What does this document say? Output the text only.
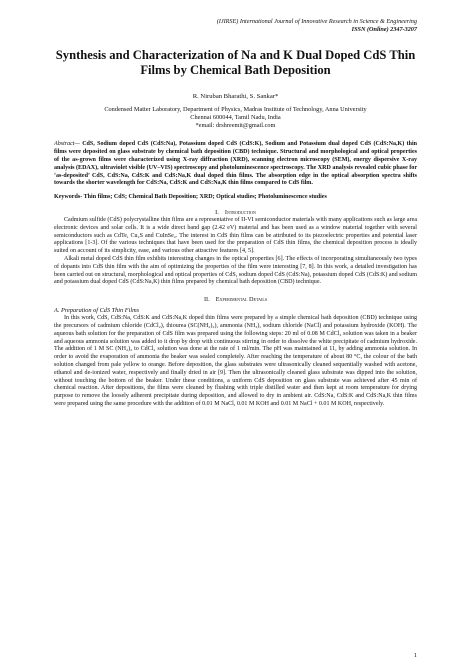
(IJIRSE) International Journal of Innovative Research in Science & Engineering
ISSN (Online) 2347-3207
Synthesis and Characterization of Na and K Dual Doped CdS Thin Films by Chemical Bath Deposition
R. Niruban Bharathi, S. Sankar*
Condensed Matter Laboratory, Department of Physics, Madras Institute of Technology, Anna University
Chennai 600044, Tamil Nadu, India
*email: drshreemit@gmail.com
Abstract— CdS, Sodium doped CdS (CdS:Na), Potassium doped CdS (CdS:K), Sodium and Potassium dual doped CdS (CdS:Na,K) thin films were deposited on glass substrate by chemical bath deposition (CBD) technique. Structural and morphological and optical properties of the as-grown films were characterized using X-ray diffraction (XRD), scanning electron microscopy (SEM), energy dispersive X-ray analysis (EDAX), ultraviolet visible (UV–VIS) spectroscopy and photoluminescence spectroscopy. The XRD analysis revealed cubic phase for ‘as-deposited’ CdS, CdS:Na, CdS:K and CdS:Na,K dual doped thin films. The absorption edge in the optical absorption spectra shifts towards the shorter wavelength for CdS:Na, CdS:K and CdS:Na,K thin films compared to CdS film.
Keywords- Thin films; CdS; Chemical Bath Deposition; XRD; Optical studies; Photoluminescence studies
I. Introduction

Cadmium sulfide (CdS) polycrystalline thin films are a representative of II-VI semiconductor materials with many applications such as large area electronic devices and solar cells. It is a wide direct band gap (2.42 eV) material and has been used as a window material together with several semiconductors such as CdTe, Cu₂S and CuInSe₂. The interest in CdS thin films can be attributed to its piezoelectric properties and potential laser applications [1-3]. Of the various techniques that have been used for the preparation of CdS thin films, the chemical deposition process is ideally suited on account of its simplicity, ease, and various other attractive features [4, 5].

Alkali metal doped CdS thin film exhibits interesting changes in the optical properties [6]. The effects of incorporating simultaneously two types of dopants into CdS thin film with the aim of optimizing the properties of the film were interesting [7, 8]. In this work, a detailed investigation has been carried out on structural, morphological and optical properties of CdS, sodium doped CdS (CdS:Na), potassium doped CdS (CdS:K) and sodium and potassium dual doped CdS (CdS:Na,K) thin films prepared by chemical bath deposition (CBD) technique.

II. Experimental Details
A. Preparation of CdS Thin Films

In this work, CdS, CdS:Na, CdS:K and CdS:Na,K doped thin films were prepared by a simple chemical bath deposition (CBD) technique using the precursors of cadmium chloride (CdCl₂), thiourea (SC(NH₂)₂), ammonia (NH₃), sodium chloride (NaCl) and potassium hydroxide (KOH). The aqueous bath solution for the preparation of CdS film was prepared using the following steps: 20 ml of 0.08 M CdCl₂ solution was taken in a beaker and aqueous ammonia solution was added to it drop by drop with continuous stirring in order to dissolve the white precipitate of cadmium hydroxide. The addition of 1 M SC (NH₂)₂ to CdCl₂ solution was done at the rate of 1 ml/min. The pH was maintained at 11, by adding ammonia solution. In order to avoid the evaporation of ammonia the beaker was sealed completely. After reaching the temperature of about 80 °C, the colour of the bath solution changed from pale yellow to orange. Before deposition, the glass substrates were ultrasonically cleaned sequentially washed with acetone, ethanol and de-ionized water, respectively and finally dried in air [9]. Then the ultrasonically cleaned glass substrate was dipped into the solution, without touching the bottom of the beaker. Under these conditions, a uniform CdS deposition on glass substrate was achieved after 45 min of chemical reaction. After depositions, the films were cleaned by flushing with triple distilled water and then kept at room temperature for drying purpose to remove the loosely adherent precipitate during deposition, and allowed to dry in ambient air. CdS:Na, CdS:K and CdS:Na,K thin films were prepared using the same procedure with the addition of 0.01 M NaCl, 0.01 M KOH and 0.01 M NaCl + 0.01 M KOH, respectively.

1
